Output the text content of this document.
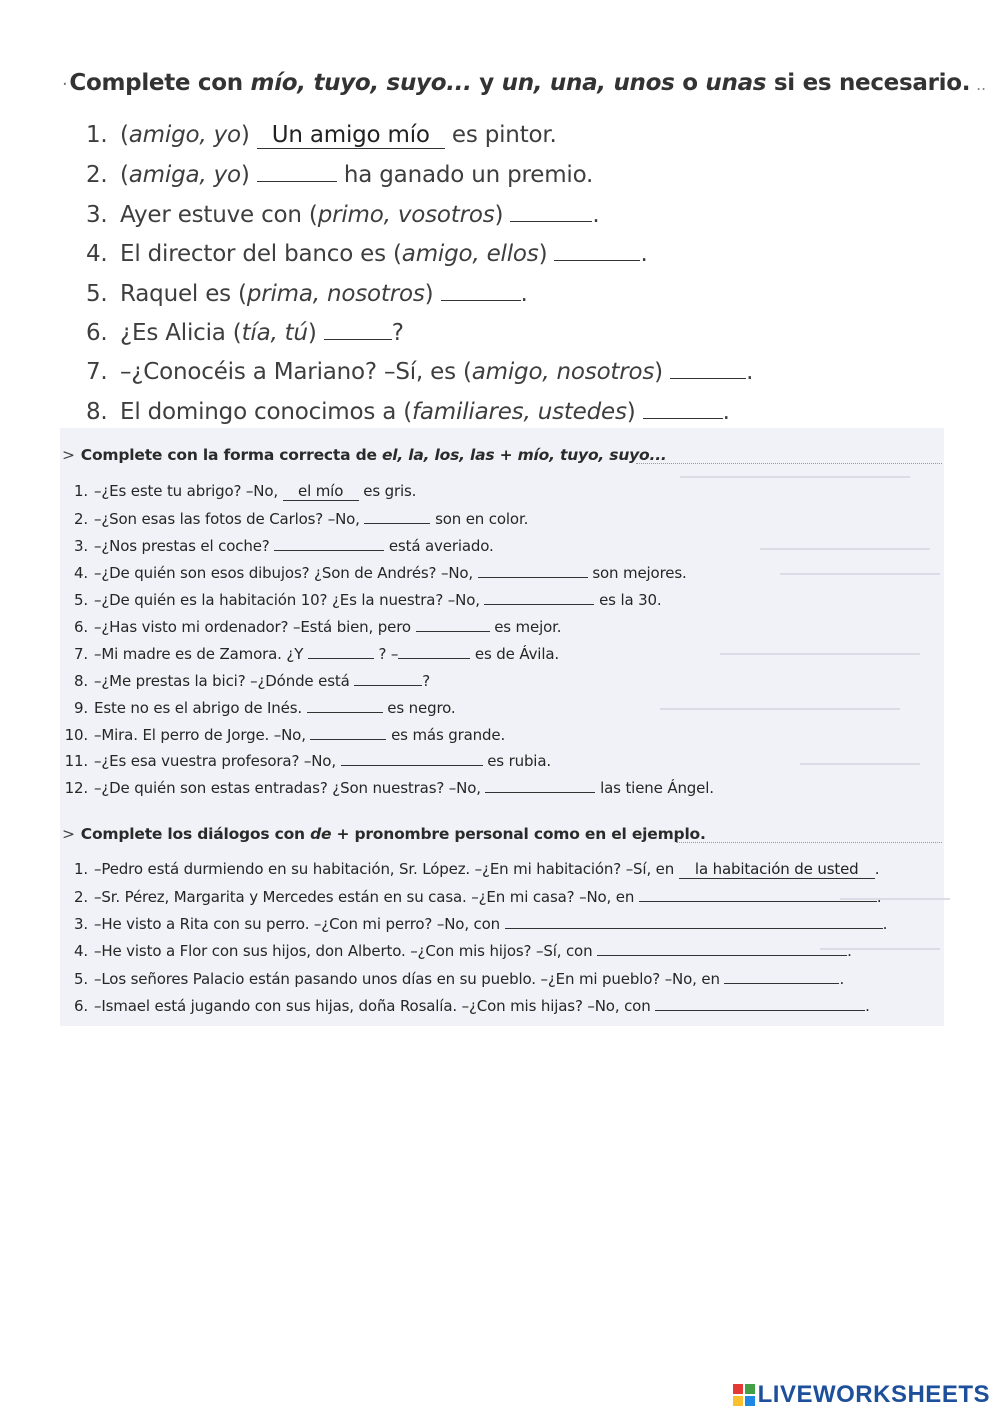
·Complete con mío, tuyo, suyo... y un, una, unos o unas si es necesario. ..
1. (amigo, yo) Un amigo mío es pintor.
2. (amiga, yo)	ha ganado un premio.
3. Ayer estuve con (primo, vosotros)	.
4. El director del banco es (amigo, ellos)	.
5. Raquel es (prima, nosotros)	.
6. ¿Es Alicia (tía, tú)	?
7. –¿Conocéis a Mariano? –Sí, es (amigo, nosotros)	.
8. El domingo conocimos a (familiares, ustedes)	.
> Complete con la forma correcta de el, la, los, las + mío, tuyo, suyo...
1. –¿Es este tu abrigo? –No, el mío es gris.
2. –¿Son esas las fotos de Carlos? –No,	son en color.
3. –¿Nos prestas el coche?	está averiado.
4. –¿De quién son esos dibujos? ¿Son de Andrés? –No,	son mejores.
5. –¿De quién es la habitación 10? ¿Es la nuestra? –No,	es la 30.
6. –¿Has visto mi ordenador? –Está bien, pero	es mejor.
7. –Mi madre es de Zamora. ¿Y	? –	es de Ávila.
8. –¿Me prestas la bici? –¿Dónde está	?
9. Este no es el abrigo de Inés.	es negro.
10. –Mira. El perro de Jorge. –No,	es más grande.
11. –¿Es esa vuestra profesora? –No,	es rubia.
12. –¿De quién son estas entradas? ¿Son nuestras? –No,	las tiene Ángel.
> Complete los diálogos con de + pronombre personal como en el ejemplo.
1. –Pedro está durmiendo en su habitación, Sr. López. –¿En mi habitación? –Sí, en la habitación de usted .
2. –Sr. Pérez, Margarita y Mercedes están en su casa. –¿En mi casa? –No, en	.
3. –He visto a Rita con su perro. –¿Con mi perro? –No, con	.
4. –He visto a Flor con sus hijos, don Alberto. –¿Con mis hijos? –Sí, con	.
5. –Los señores Palacio están pasando unos días en su pueblo. –¿En mi pueblo? –No, en	.
6. –Ismael está jugando con sus hijas, doña Rosalía. –¿Con mis hijas? –No, con	.
LIVEWORKSHEETS
